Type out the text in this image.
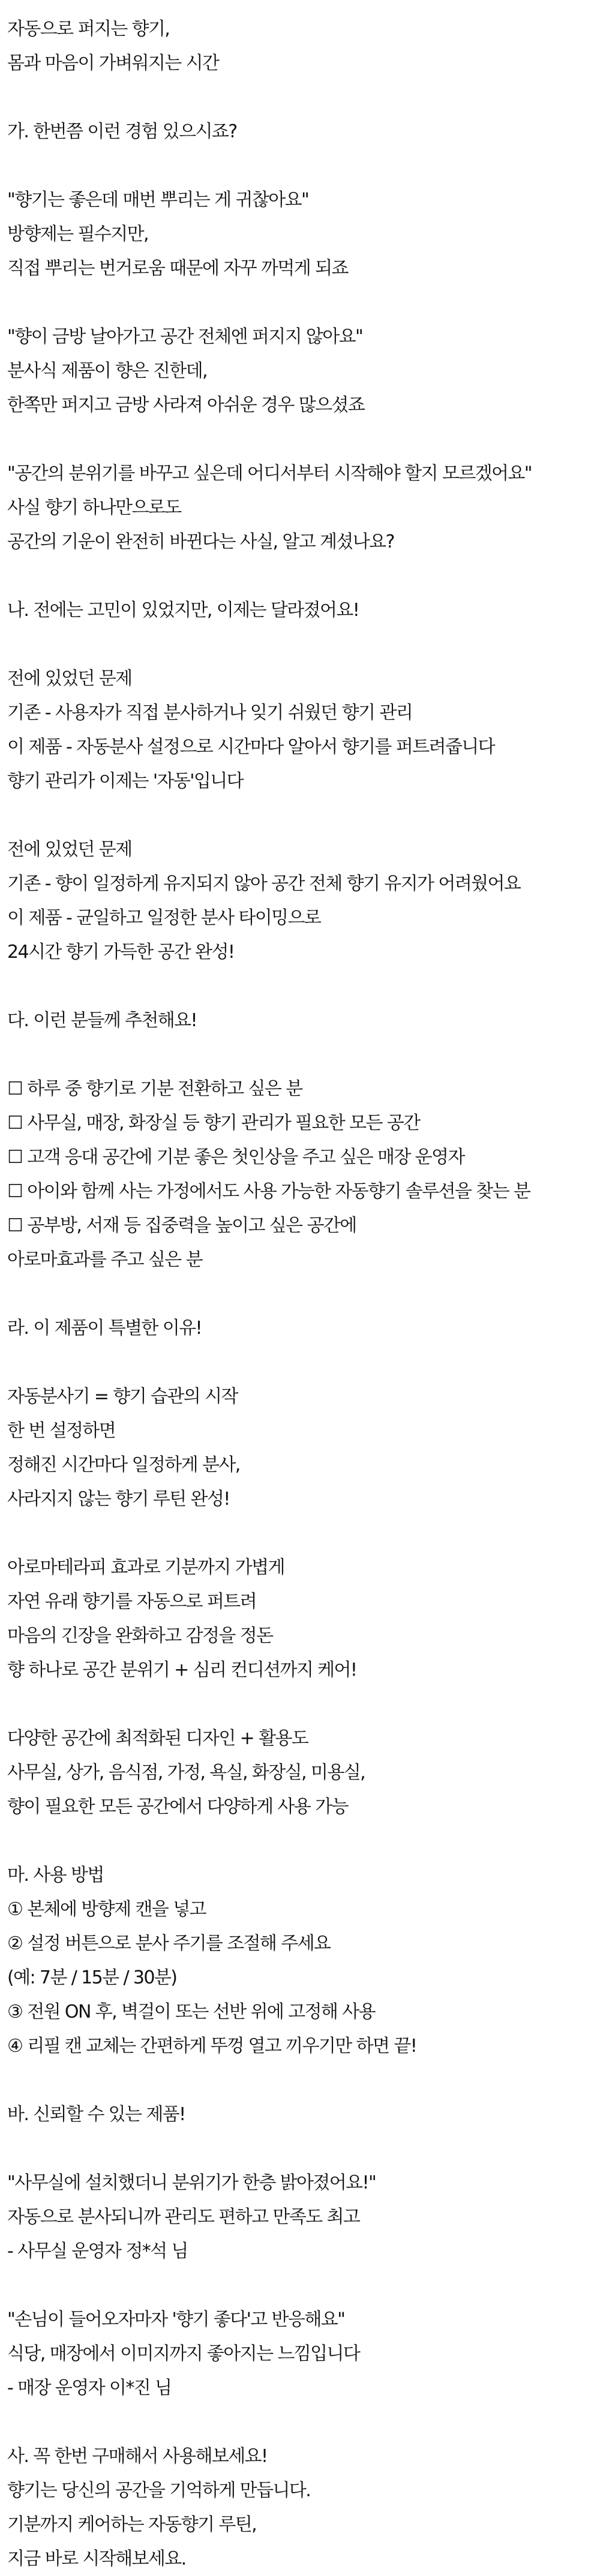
자동으로 퍼지는 향기,
몸과 마음이 가벼워지는 시간
가. 한번쯤 이런 경험 있으시죠?
"향기는 좋은데 매번 뿌리는 게 귀찮아요"
방향제는 필수지만,
직접 뿌리는 번거로움 때문에 자꾸 까먹게 되죠
"향이 금방 날아가고 공간 전체엔 퍼지지 않아요"
분사식 제품이 향은 진한데,
한쪽만 퍼지고 금방 사라져 아쉬운 경우 많으셨죠
"공간의 분위기를 바꾸고 싶은데 어디서부터 시작해야 할지 모르겠어요"
사실 향기 하나만으로도
공간의 기운이 완전히 바뀐다는 사실, 알고 계셨나요?
나. 전에는 고민이 있었지만, 이제는 달라졌어요!
전에 있었던 문제
기존 - 사용자가 직접 분사하거나 잊기 쉬웠던 향기 관리
이 제품 - 자동분사 설정으로 시간마다 알아서 향기를 퍼트려줍니다
향기 관리가 이제는 '자동'입니다
전에 있었던 문제
기존 - 향이 일정하게 유지되지 않아 공간 전체 향기 유지가 어려웠어요
이 제품 - 균일하고 일정한 분사 타이밍으로
24시간 향기 가득한 공간 완성!
다. 이런 분들께 추천해요!
☐ 하루 중 향기로 기분 전환하고 싶은 분
☐ 사무실, 매장, 화장실 등 향기 관리가 필요한 모든 공간
☐ 고객 응대 공간에 기분 좋은 첫인상을 주고 싶은 매장 운영자
☐ 아이와 함께 사는 가정에서도 사용 가능한 자동향기 솔루션을 찾는 분
☐ 공부방, 서재 등 집중력을 높이고 싶은 공간에
아로마효과를 주고 싶은 분
라. 이 제품이 특별한 이유!
자동분사기 = 향기 습관의 시작
한 번 설정하면
정해진 시간마다 일정하게 분사,
사라지지 않는 향기 루틴 완성!
아로마테라피 효과로 기분까지 가볍게
자연 유래 향기를 자동으로 퍼트려
마음의 긴장을 완화하고 감정을 정돈
향 하나로 공간 분위기 + 심리 컨디션까지 케어!
다양한 공간에 최적화된 디자인 + 활용도
사무실, 상가, 음식점, 가정, 욕실, 화장실, 미용실,
향이 필요한 모든 공간에서 다양하게 사용 가능
마. 사용 방법
① 본체에 방향제 캔을 넣고
② 설정 버튼으로 분사 주기를 조절해 주세요
(예: 7분 / 15분 / 30분)
③ 전원 ON 후, 벽걸이 또는 선반 위에 고정해 사용
④ 리필 캔 교체는 간편하게 뚜껑 열고 끼우기만 하면 끝!
바. 신뢰할 수 있는 제품!
"사무실에 설치했더니 분위기가 한층 밝아졌어요!"
자동으로 분사되니까 관리도 편하고 만족도 최고
- 사무실 운영자 정*석 님
"손님이 들어오자마자 '향기 좋다'고 반응해요"
식당, 매장에서 이미지까지 좋아지는 느낌입니다
- 매장 운영자 이*진 님
사. 꼭 한번 구매해서 사용해보세요!
향기는 당신의 공간을 기억하게 만듭니다.
기분까지 케어하는 자동향기 루틴,
지금 바로 시작해보세요.
